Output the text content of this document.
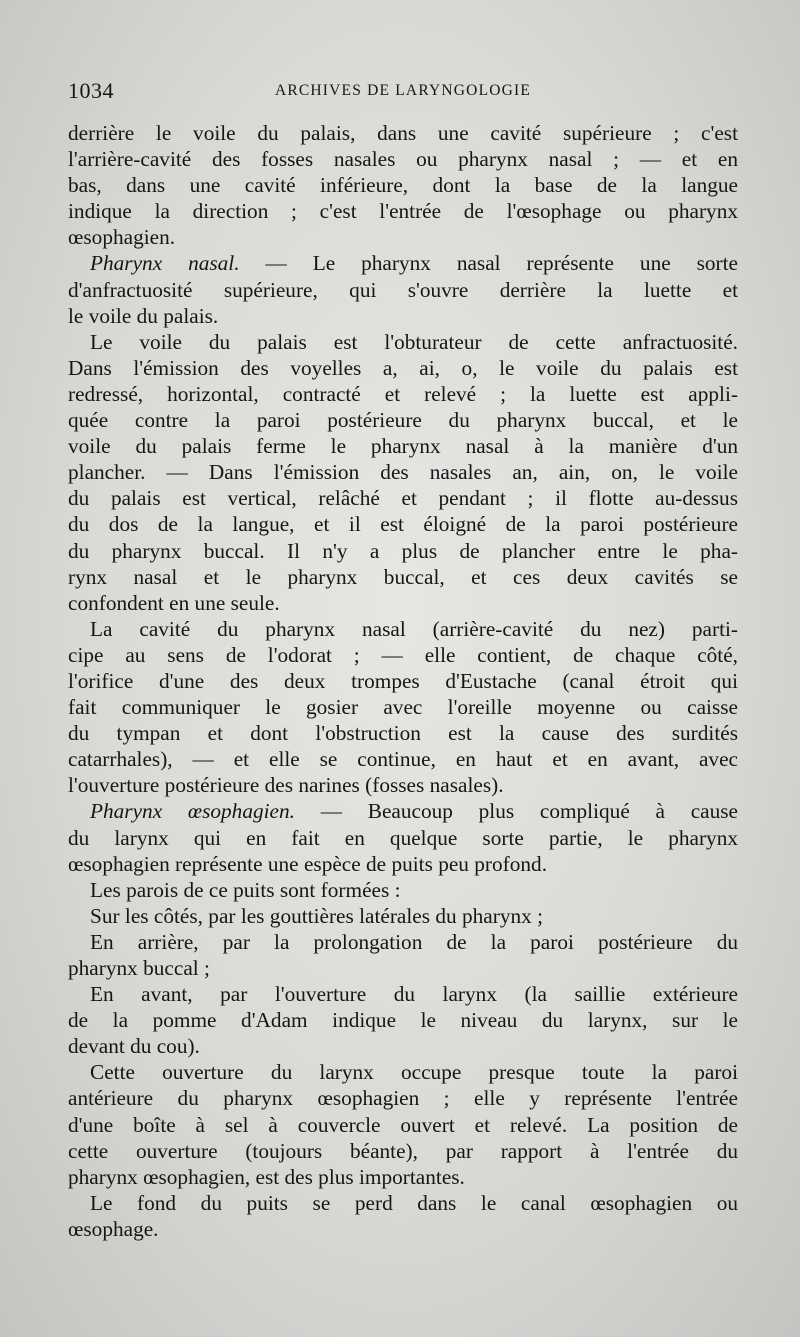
1034	ARCHIVES DE LARYNGOLOGIE
derrière le voile du palais, dans une cavité supérieure ; c'est
l'arrière-cavité des fosses nasales ou pharynx nasal ; — et en
bas, dans une cavité inférieure, dont la base de la langue
indique la direction ; c'est l'entrée de l'œsophage ou pharynx
œsophagien.
Pharynx nasal. — Le pharynx nasal représente une sorte
d'anfractuosité supérieure, qui s'ouvre derrière la luette et
le voile du palais.
Le voile du palais est l'obturateur de cette anfractuosité.
Dans l'émission des voyelles a, ai, o, le voile du palais est
redressé, horizontal, contracté et relevé ; la luette est appli-
quée contre la paroi postérieure du pharynx buccal, et le
voile du palais ferme le pharynx nasal à la manière d'un
plancher. — Dans l'émission des nasales an, ain, on, le voile
du palais est vertical, relâché et pendant ; il flotte au-dessus
du dos de la langue, et il est éloigné de la paroi postérieure
du pharynx buccal. Il n'y a plus de plancher entre le pha-
rynx nasal et le pharynx buccal, et ces deux cavités se
confondent en une seule.
La cavité du pharynx nasal (arrière-cavité du nez) parti-
cipe au sens de l'odorat ; — elle contient, de chaque côté,
l'orifice d'une des deux trompes d'Eustache (canal étroit qui
fait communiquer le gosier avec l'oreille moyenne ou caisse
du tympan et dont l'obstruction est la cause des surdités
catarrhales), — et elle se continue, en haut et en avant, avec
l'ouverture postérieure des narines (fosses nasales).
Pharynx œsophagien. — Beaucoup plus compliqué à cause
du larynx qui en fait en quelque sorte partie, le pharynx
œsophagien représente une espèce de puits peu profond.
Les parois de ce puits sont formées :
Sur les côtés, par les gouttières latérales du pharynx ;
En arrière, par la prolongation de la paroi postérieure du
pharynx buccal ;
En avant, par l'ouverture du larynx (la saillie extérieure
de la pomme d'Adam indique le niveau du larynx, sur le
devant du cou).
Cette ouverture du larynx occupe presque toute la paroi
antérieure du pharynx œsophagien ; elle y représente l'entrée
d'une boîte à sel à couvercle ouvert et relevé. La position de
cette ouverture (toujours béante), par rapport à l'entrée du
pharynx œsophagien, est des plus importantes.
Le fond du puits se perd dans le canal œsophagien ou
œsophage.
